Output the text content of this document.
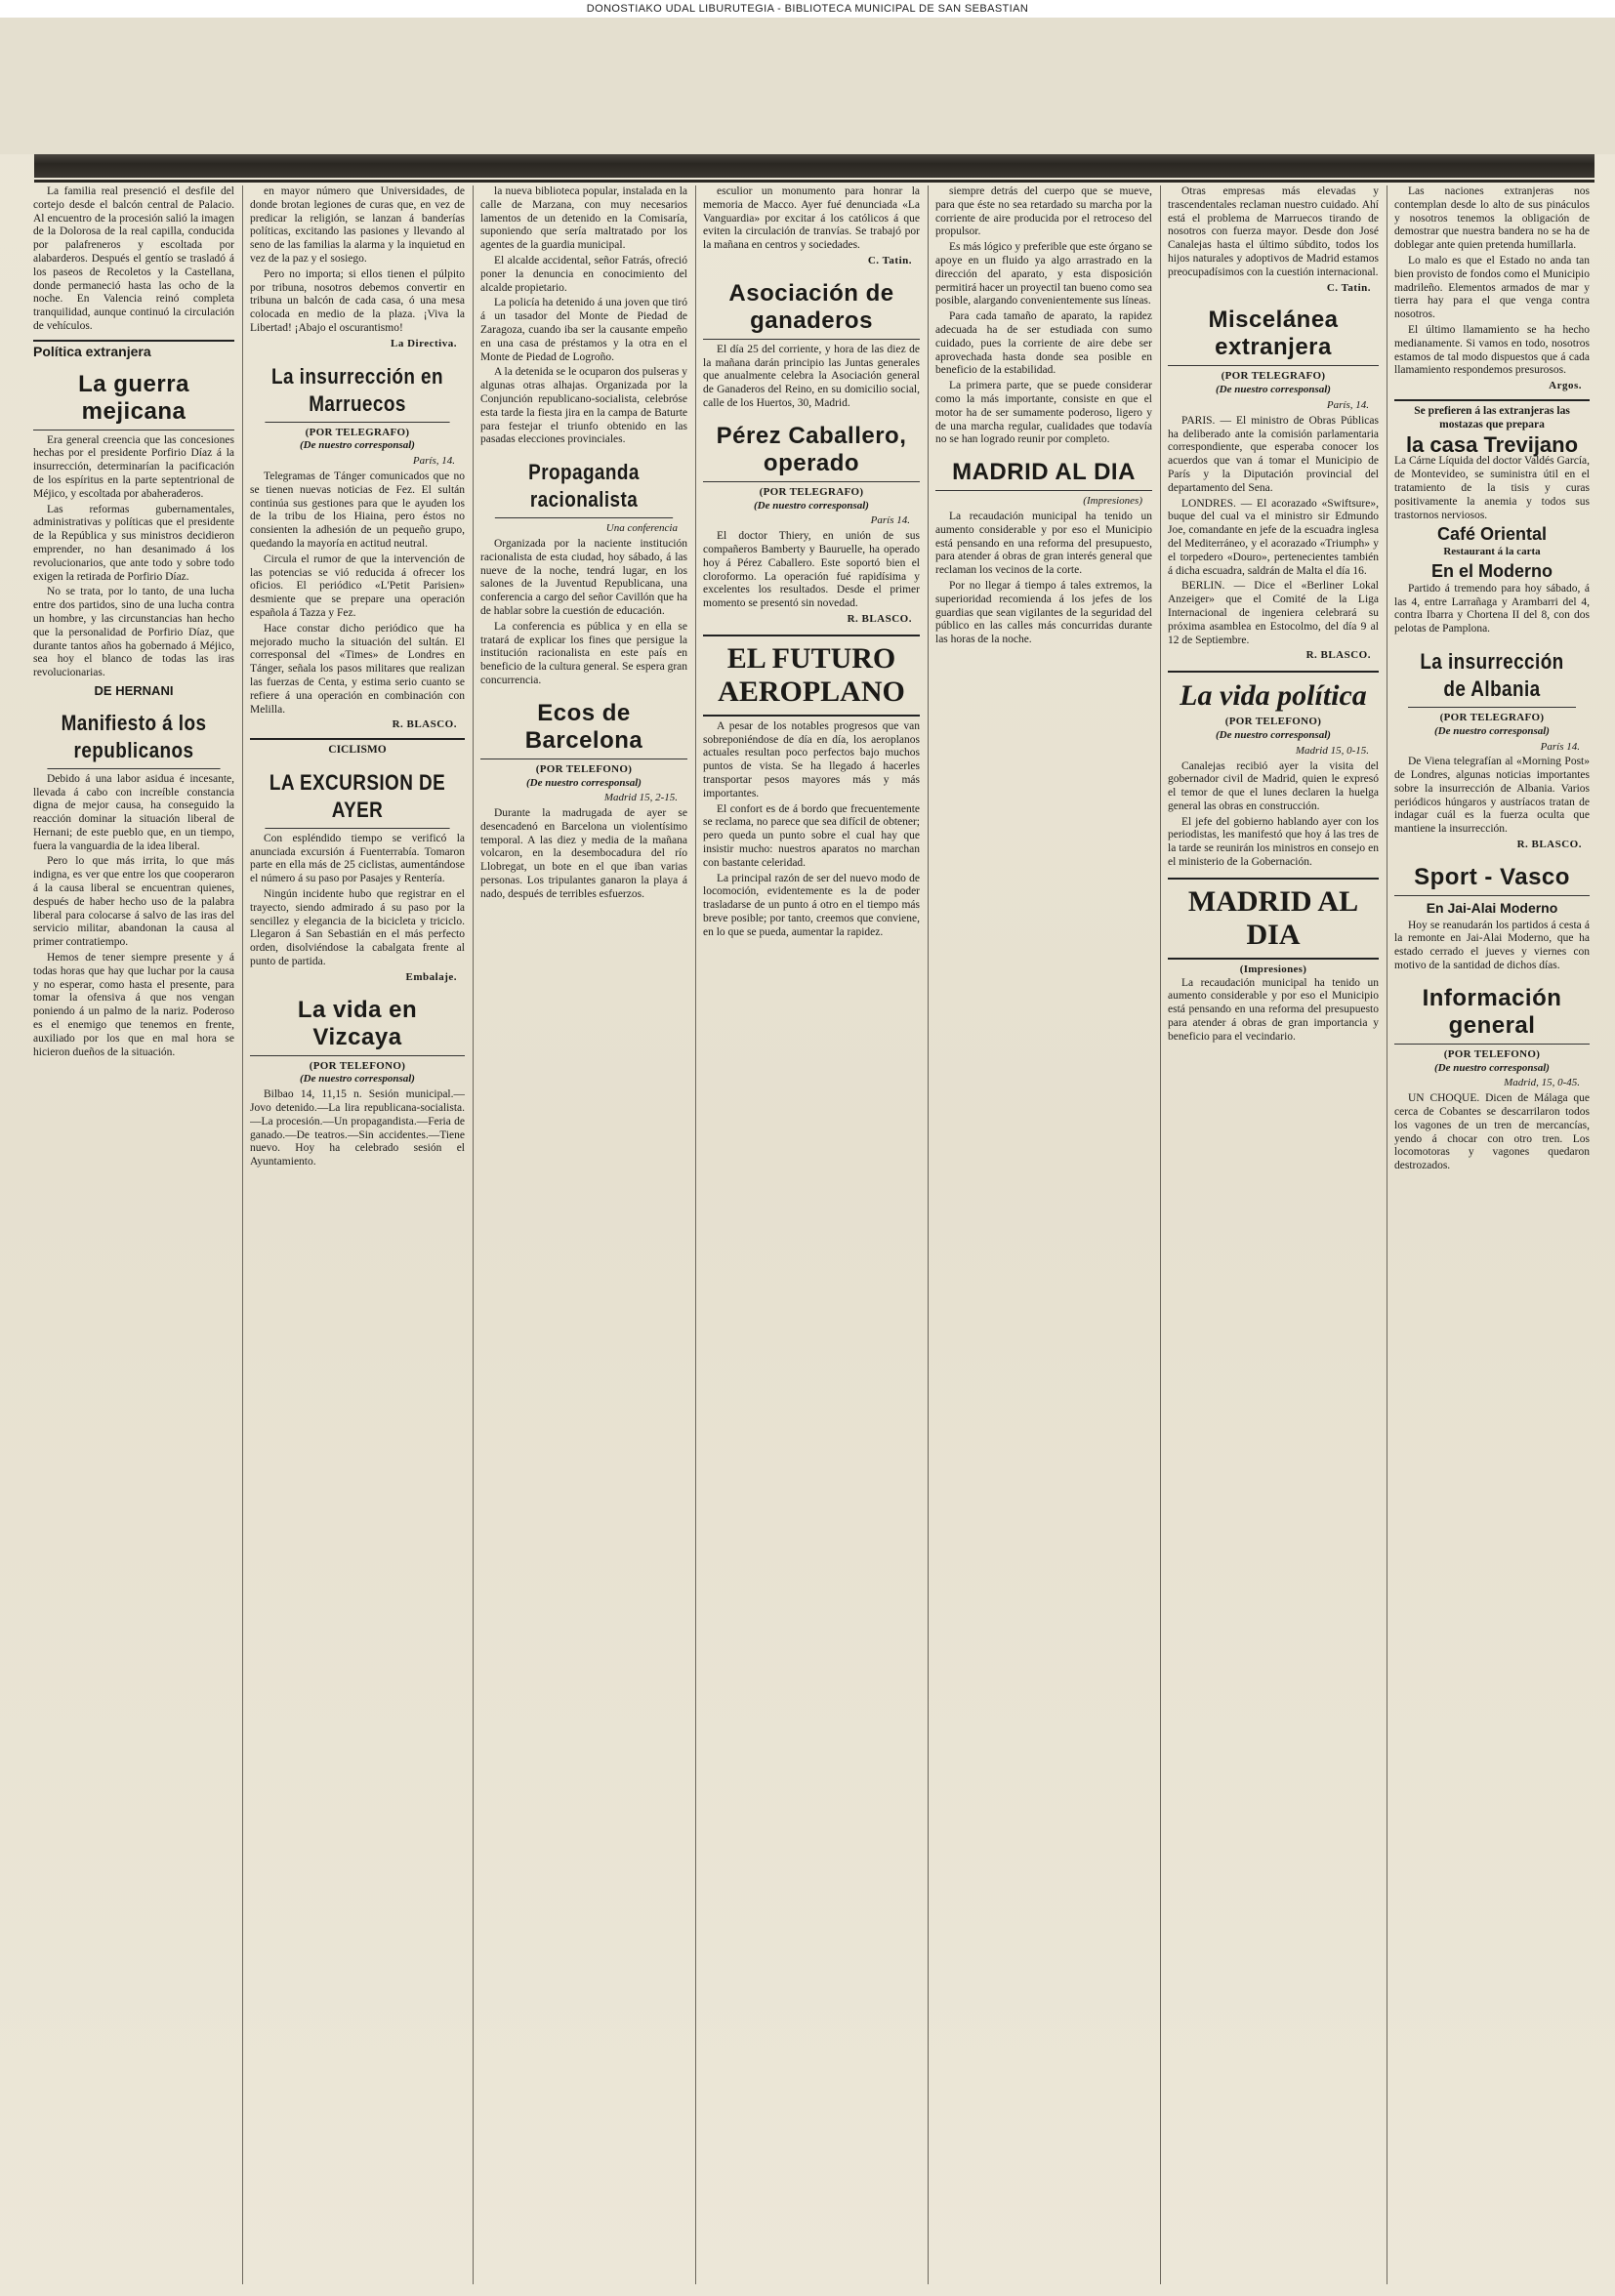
DONOSTIAKO UDAL LIBURUTEGIA - BIBLIOTECA MUNICIPAL DE SAN SEBASTIAN

La familia real presenció el desfile del cortejo desde el balcón central de Palacio. Al encuentro de la procesión salió la imagen de la Dolorosa de la real capilla, conducida por palafreneros y escoltada por alabarderos. Después el gentío se trasladó á los paseos de Recoletos y la Castellana, donde permaneció hasta las ocho de la noche. En Valencia reinó completa tranquilidad, aunque continuó la circulación de vehículos.

Política extranjera
La guerra mejicana

Era general creencia que las concesiones hechas por el presidente Porfirio Díaz á la insurrección, determinarían la pacificación de los espíritus en la parte septentrional de Méjico, y escoltada por abaheraderos.

Las reformas gubernamentales, administrativas y políticas que el presidente de la República y sus ministros decidieron emprender, no han desanimado á los revolucionarios, que ante todo y sobre todo exigen la retirada de Porfirio Díaz.

No se trata, por lo tanto, de una lucha entre dos partidos, sino de una lucha contra un hombre, y las circunstancias han hecho que la personalidad de Porfirio Díaz, que durante tantos años ha gobernado á Méjico, sea hoy el blanco de todas las iras revolucionarias.

DE HERNANI
Manifiesto á los republicanos

Debido á una labor asidua é incesante, llevada á cabo con increíble constancia digna de mejor causa, ha conseguido la reacción dominar la situación liberal de Hernani; de este pueblo que, en un tiempo, fuera la vanguardia de la idea liberal.

Pero lo que más irrita, lo que más indigna, es ver que entre los que cooperaron á la causa liberal se encuentran quienes, después de haber hecho uso de la palabra liberal para colocarse á salvo de las iras del servicio militar, abandonan la causa al primer contratiempo.

Hemos de tener siempre presente y á todas horas que hay que luchar por la causa y no esperar, como hasta el presente, para tomar la ofensiva á que nos vengan poniendo á un palmo de la nariz. Poderoso es el enemigo que tenemos en frente, auxiliado por los que en mal hora se hicieron dueños de la situación.

en mayor número que Universidades, de donde brotan legiones de curas que, en vez de predicar la religión, se lanzan á banderías políticas, excitando las pasiones y llevando al seno de las familias la alarma y la inquietud en vez de la paz y el sosiego.

Pero no importa; si ellos tienen el púlpito por tribuna, nosotros debemos convertir en tribuna un balcón de cada casa, ó una mesa colocada en medio de la plaza. ¡Viva la Libertad! ¡Abajo el oscurantismo!

La Directiva.
La insurrección en Marruecos
(POR TELEGRAFO)
(De nuestro corresponsal)
París, 14.

Telegramas de Tánger comunicados que no se tienen nuevas noticias de Fez. El sultán continúa sus gestiones para que le ayuden los de la tribu de los Hiaina, pero éstos no consienten la adhesión de un pequeño grupo, quedando la mayoría en actitud neutral.

Circula el rumor de que la intervención de las potencias se vió reducida á ofrecer los oficios. El periódico «L'Petit Parisien» desmiente que se prepare una operación española á Tazza y Fez.

Hace constar dicho periódico que ha mejorado mucho la situación del sultán. El corresponsal del «Times» de Londres en Tánger, señala los pasos militares que realizan las fuerzas de Centa, y estima serio cuanto se refiere á una operación en combinación con Melilla.

R. BLASCO.
CICLISMO
LA EXCURSION DE AYER

Con espléndido tiempo se verificó la anunciada excursión á Fuenterrabía. Tomaron parte en ella más de 25 ciclistas, aumentándose el número á su paso por Pasajes y Rentería.

Ningún incidente hubo que registrar en el trayecto, siendo admirado á su paso por la sencillez y elegancia de la bicicleta y triciclo. Llegaron á San Sebastián en el más perfecto orden, disolviéndose la cabalgata frente al punto de partida.

Embalaje.
La vida en Vizcaya
(POR TELEFONO)
(De nuestro corresponsal)

Bilbao 14, 11,15 n. Sesión municipal.—Jovo detenido.—La lira republicana-socialista.—La procesión.—Un propagandista.—Feria de ganado.—De teatros.—Sin accidentes.—Tiene nuevo. Hoy ha celebrado sesión el Ayuntamiento.

la nueva biblioteca popular, instalada en la calle de Marzana, con muy necesarios lamentos de un detenido en la Comisaría, suponiendo que sería maltratado por los agentes de la guardia municipal.

El alcalde accidental, señor Fatrás, ofreció poner la denuncia en conocimiento del alcalde propietario.

La policía ha detenido á una joven que tiró á un tasador del Monte de Piedad de Zaragoza, cuando iba ser la causante empeño en una casa de préstamos y la otra en el Monte de Piedad de Logroño.

A la detenida se le ocuparon dos pulseras y algunas otras alhajas. Organizada por la Conjunción republicano-socialista, celebróse esta tarde la fiesta jira en la campa de Baturte para festejar el triunfo obtenido en las pasadas elecciones provinciales.

Propaganda racionalista
Una conferencia

Organizada por la naciente institución racionalista de esta ciudad, hoy sábado, á las nueve de la noche, tendrá lugar, en los salones de la Juventud Republicana, una conferencia a cargo del señor Cavillón que ha de hablar sobre la cuestión de educación.

La conferencia es pública y en ella se tratará de explicar los fines que persigue la institución racionalista en este país en beneficio de la cultura general. Se espera gran concurrencia.

Ecos de Barcelona
(POR TELEFONO)
(De nuestro corresponsal)
Madrid 15, 2-15.

Durante la madrugada de ayer se desencadenó en Barcelona un violentísimo temporal. A las diez y media de la mañana volcaron, en la desembocadura del río Llobregat, un bote en el que iban varias personas. Los tripulantes ganaron la playa á nado, después de terribles esfuerzos.

esculior un monumento para honrar la memoria de Macco. Ayer fué denunciada «La Vanguardia» por excitar á los católicos á que eviten la circulación de tranvías. Se trabajó por la mañana en centros y sociedades.

C. Tatin.
Asociación de ganaderos

El día 25 del corriente, y hora de las diez de la mañana darán principio las Juntas generales que anualmente celebra la Asociación general de Ganaderos del Reino, en su domicilio social, calle de los Huertos, 30, Madrid.

Pérez Caballero, operado
(POR TELEGRAFO)
(De nuestro corresponsal)
París 14.

El doctor Thiery, en unión de sus compañeros Bamberty y Bauruelle, ha operado hoy á Pérez Caballero. Este soportó bien el cloroformo. La operación fué rapidísima y excelentes los resultados. Desde el primer momento se presentó sin novedad.

R. BLASCO.
EL FUTURO AEROPLANO

A pesar de los notables progresos que van sobreponiéndose de día en día, los aeroplanos actuales resultan poco perfectos bajo muchos puntos de vista. Se ha llegado á hacerles transportar pesos mayores más y más importantes.

El confort es de á bordo que frecuentemente se reclama, no parece que sea difícil de obtener; pero queda un punto sobre el cual hay que insistir mucho: nuestros aparatos no marchan con bastante celeridad.

La principal razón de ser del nuevo modo de locomoción, evidentemente es la de poder trasladarse de un punto á otro en el tiempo más breve posible; por tanto, creemos que conviene, en lo que se pueda, aumentar la rapidez.

siempre detrás del cuerpo que se mueve, para que éste no sea retardado su marcha por la corriente de aire producida por el retroceso del propulsor.

Es más lógico y preferible que este órgano se apoye en un fluido ya algo arrastrado en la dirección del aparato, y esta disposición permitirá hacer un proyectil tan bueno como sea posible, alargando convenientemente sus líneas.

Para cada tamaño de aparato, la rapidez adecuada ha de ser estudiada con sumo cuidado, pues la corriente de aire debe ser aprovechada hasta donde sea posible en beneficio de la estabilidad.

La primera parte, que se puede considerar como la más importante, consiste en que el motor ha de ser sumamente poderoso, ligero y de una marcha regular, cualidades que todavía no se han logrado reunir por completo.

MADRID AL DIA
(Impresiones)

La recaudación municipal ha tenido un aumento considerable y por eso el Municipio está pensando en una reforma del presupuesto, para atender á obras de gran interés general que reclaman los vecinos de la corte.

Por no llegar á tiempo á tales extremos, la superioridad recomienda á los jefes de los guardias que sean vigilantes de la seguridad del público en las calles más concurridas durante las horas de la noche.

Otras empresas más elevadas y trascendentales reclaman nuestro cuidado. Ahí está el problema de Marruecos tirando de nosotros con fuerza mayor. Desde don José Canalejas hasta el último súbdito, todos los hijos naturales y adoptivos de Madrid estamos preocupadísimos con la cuestión internacional.

C. Tatin.
Miscelánea extranjera
(POR TELEGRAFO)
(De nuestro corresponsal)
París, 14.

PARIS. — El ministro de Obras Públicas ha deliberado ante la comisión parlamentaria correspondiente, que esperaba conocer los acuerdos que van á tomar el Municipio de París y la Diputación provincial del departamento del Sena.

LONDRES. — El acorazado «Swiftsure», buque del cual va el ministro sir Edmundo Joe, comandante en jefe de la escuadra inglesa del Mediterráneo, y el acorazado «Triumph» y el torpedero «Douro», pertenecientes también á dicha escuadra, saldrán de Malta el día 16.

BERLIN. — Dice el «Berliner Lokal Anzeiger» que el Comité de la Liga Internacional de ingeniera celebrará su próxima asamblea en Estocolmo, del día 9 al 12 de Septiembre.

R. BLASCO.
La vida política
(POR TELEFONO)
(De nuestro corresponsal)
Madrid 15, 0-15.

Canalejas recibió ayer la visita del gobernador civil de Madrid, quien le expresó el temor de que el lunes declaren la huelga general las obras en construcción.

El jefe del gobierno hablando ayer con los periodistas, les manifestó que hoy á las tres de la tarde se reunirán los ministros en consejo en el ministerio de la Gobernación.

MADRID AL DIA
(Impresiones)

La recaudación municipal ha tenido un aumento considerable y por eso el Municipio está pensando en una reforma del presupuesto para atender á obras de gran importancia y beneficio para el vecindario.

Las naciones extranjeras nos contemplan desde lo alto de sus pináculos y nosotros tenemos la obligación de demostrar que nuestra bandera no se ha de doblegar ante quien pretenda humillarla.

Lo malo es que el Estado no anda tan bien provisto de fondos como el Municipio madrileño. Elementos armados de mar y tierra hay para el que venga contra nosotros.

El último llamamiento se ha hecho medianamente. Si vamos en todo, nosotros estamos de tal modo dispuestos que á cada llamamiento respondemos presurosos.

Argos.
Se prefieren á las extranjeras las mostazas que prepara
la casa Trevijano

La Cárne Líquida del doctor Valdés García, de Montevideo, se suministra útil en el tratamiento de la tisis y curas positivamente la anemia y todos sus trastornos nerviosos.

Café Oriental
Restaurant á la carta
En el Moderno

Partido á tremendo para hoy sábado, á las 4, entre Larrañaga y Arambarri del 4, contra Ibarra y Chortena II del 8, con dos pelotas de Pamplona.

La insurrección de Albania
(POR TELEGRAFO)
(De nuestro corresponsal)
París 14.

De Viena telegrafían al «Morning Post» de Londres, algunas noticias importantes sobre la insurrección de Albania. Varios periódicos húngaros y austríacos tratan de indagar cuál es la fuerza oculta que mantiene la insurrección.

R. BLASCO.
Sport - Vasco
En Jai-Alai Moderno

Hoy se reanudarán los partidos á cesta á la remonte en Jai-Alai Moderno, que ha estado cerrado el jueves y viernes con motivo de la santidad de dichos días.

Información general
(POR TELEFONO)
(De nuestro corresponsal)
Madrid, 15, 0-45.

UN CHOQUE. Dicen de Málaga que cerca de Cobantes se descarrilaron todos los vagones de un tren de mercancías, yendo á chocar con otro tren. Los locomotoras y vagones quedaron destrozados.
